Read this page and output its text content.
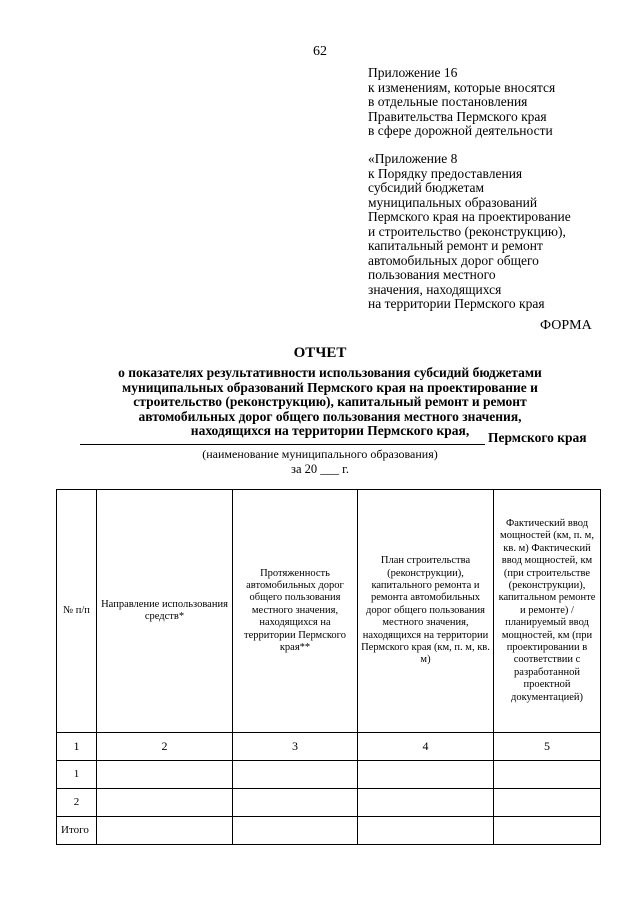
62
Приложение 16
к изменениям, которые вносятся
в отдельные постановления
Правительства Пермского края
в сфере дорожной деятельности
«Приложение 8
к Порядку предоставления
субсидий бюджетам
муниципальных образований
Пермского края на проектирование
и строительство (реконструкцию),
капитальный ремонт и ремонт
автомобильных дорог общего
пользования местного
значения, находящихся
на территории Пермского края
ФОРМА
ОТЧЕТ
о показателях результативности использования субсидий бюджетами
муниципальных образований Пермского края на проектирование и
строительство (реконструкцию), капитальный ремонт и ремонт
автомобильных дорог общего пользования местного значения,
находящихся на территории Пермского края,	Пермского края
(наименование муниципального образования)
за 20 ___ г.
№ п/п	Направление использования средств*	Протяженность автомобильных дорог общего пользования местного значения, находящихся на территории Пермского края**	План строительства (реконструкции), капитального ремонта и ремонта автомобильных дорог общего пользования местного значения, находящихся на территории Пермского края (км, п. м, кв. м)	Фактический ввод мощностей (км, п. м, кв. м) Фактический ввод мощностей, км (при строительстве (реконструкции), капитальном ремонте и ремонте) / планируемый ввод мощностей, км (при проектировании в соответствии с разработанной проектной документацией)
1	2	3	4	5
1				
2				
Итого				
